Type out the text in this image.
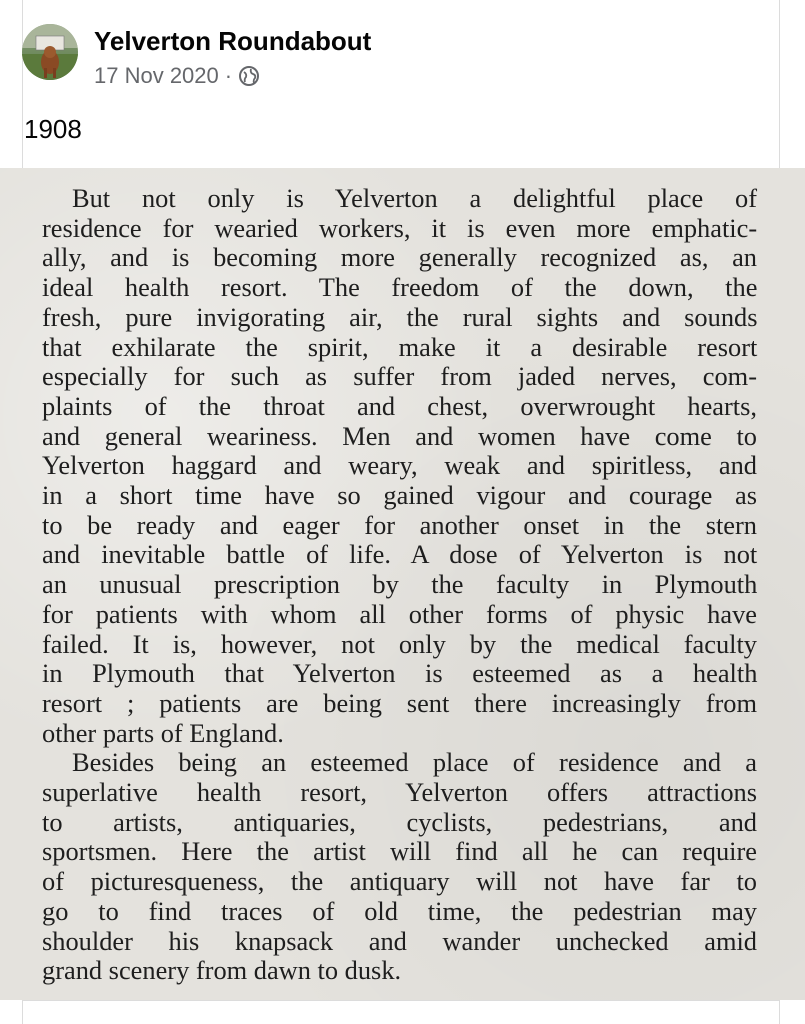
Yelverton Roundabout
17 Nov 2020 ·
1908
But not only is Yelverton a delightful place of
residence for wearied workers, it is even more emphatic-
ally, and is becoming more generally recognized as, an
ideal health resort. The freedom of the down, the
fresh, pure invigorating air, the rural sights and sounds
that exhilarate the spirit, make it a desirable resort
especially for such as suffer from jaded nerves, com-
plaints of the throat and chest, overwrought hearts,
and general weariness. Men and women have come to
Yelverton haggard and weary, weak and spiritless, and
in a short time have so gained vigour and courage as
to be ready and eager for another onset in the stern
and inevitable battle of life. A dose of Yelverton is not
an unusual prescription by the faculty in Plymouth
for patients with whom all other forms of physic have
failed. It is, however, not only by the medical faculty
in Plymouth that Yelverton is esteemed as a health
resort ; patients are being sent there increasingly from
other parts of England.
Besides being an esteemed place of residence and a
superlative health resort, Yelverton offers attractions
to artists, antiquaries, cyclists, pedestrians, and
sportsmen. Here the artist will find all he can require
of picturesqueness, the antiquary will not have far to
go to find traces of old time, the pedestrian may
shoulder his knapsack and wander unchecked amid
grand scenery from dawn to dusk.
